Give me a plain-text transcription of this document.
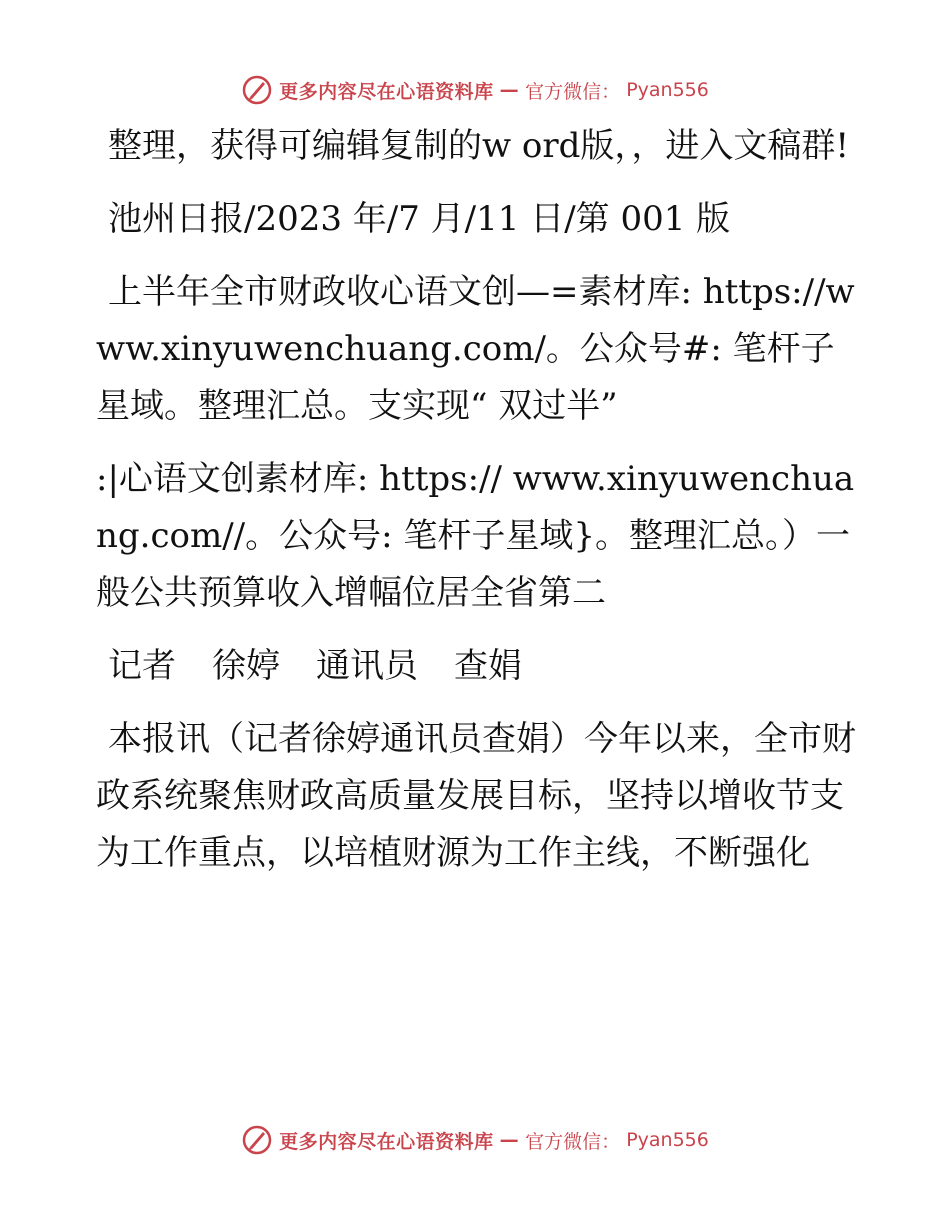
更多内容尽在心语资料库 — 官方微信： Pyan556

整理，获得可编辑复制的w ord版，，进入文稿群!

池州日报/2023 年/7 月/11 日/第 001 版

上半年全市财政收心语文创—=素材库: https://www.xinyuwenchuang.com/。公众号#: 笔杆子星域。整理汇总。支实现“ 双过半”

:|心语文创素材库: https:// www.xinyuwenchuang.com//。公众号: 笔杆子星域}。整理汇总。）一般公共预算收入增幅位居全省第二

记者 徐婷 通讯员 查娟

本报讯（记者徐婷通讯员查娟）今年以来，全市财政系统聚焦财政高质量发展目标，坚持以增收节支为工作重点，以培植财源为工作主线，不断强化

更多内容尽在心语资料库 — 官方微信： Pyan556
